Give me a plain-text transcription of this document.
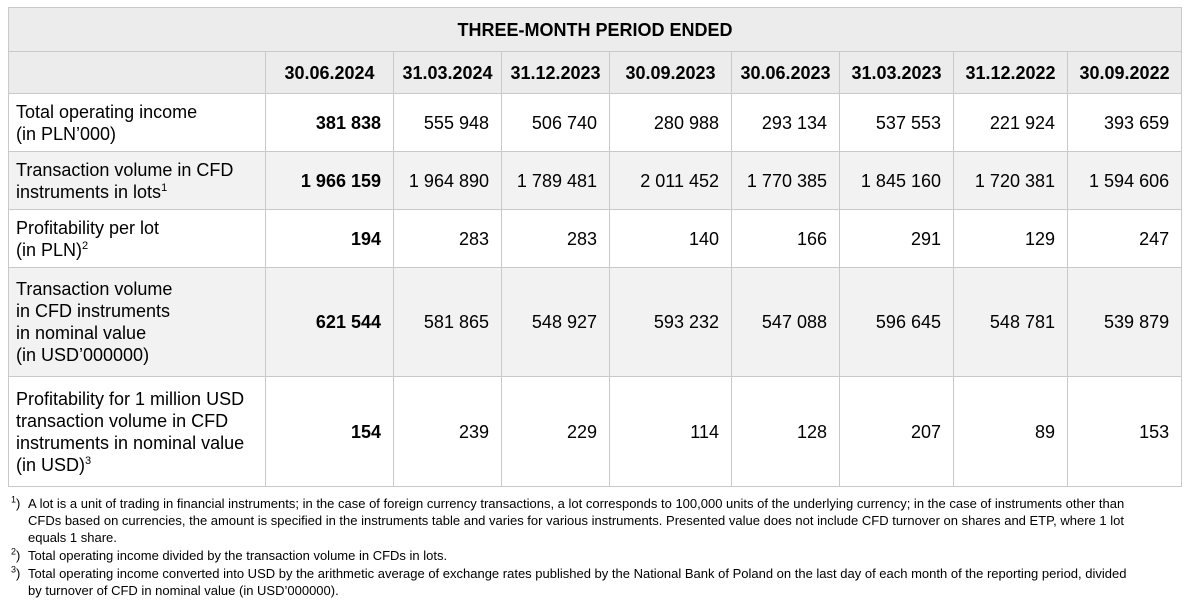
THREE-MONTH PERIOD ENDED								
	30.06.2024	31.03.2024	31.12.2023	30.09.2023	30.06.2023	31.03.2023	31.12.2022	30.09.2022
Total operating income
(in PLN’000)	381 838	555 948	506 740	280 988	293 134	537 553	221 924	393 659
Transaction volume in CFD
instruments in lots$^1$	1 966 159	1 964 890	1 789 481	2 011 452	1 770 385	1 845 160	1 720 381	1 594 606
Profitability per lot
(in PLN)$^2$	194	283	283	140	166	291	129	247
Transaction volume
in CFD instruments
in nominal value
(in USD’000000)	621 544	581 865	548 927	593 232	547 088	596 645	548 781	539 879
Profitability for 1 million USD
transaction volume in CFD
instruments in nominal value
(in USD)$^3$	154	239	229	114	128	207	89	153
$^1$) A lot is a unit of trading in financial instruments; in the case of foreign currency transactions, a lot corresponds to 100,000 units of the underlying currency; in the case of instruments other than CFDs based on currencies, the amount is specified in the instruments table and varies for various instruments. Presented value does not include CFD turnover on shares and ETP, where 1 lot equals 1 share.
$^2$) Total operating income divided by the transaction volume in CFDs in lots.
$^3$) Total operating income converted into USD by the arithmetic average of exchange rates published by the National Bank of Poland on the last day of each month of the reporting period, divided by turnover of CFD in nominal value (in USD’000000).
